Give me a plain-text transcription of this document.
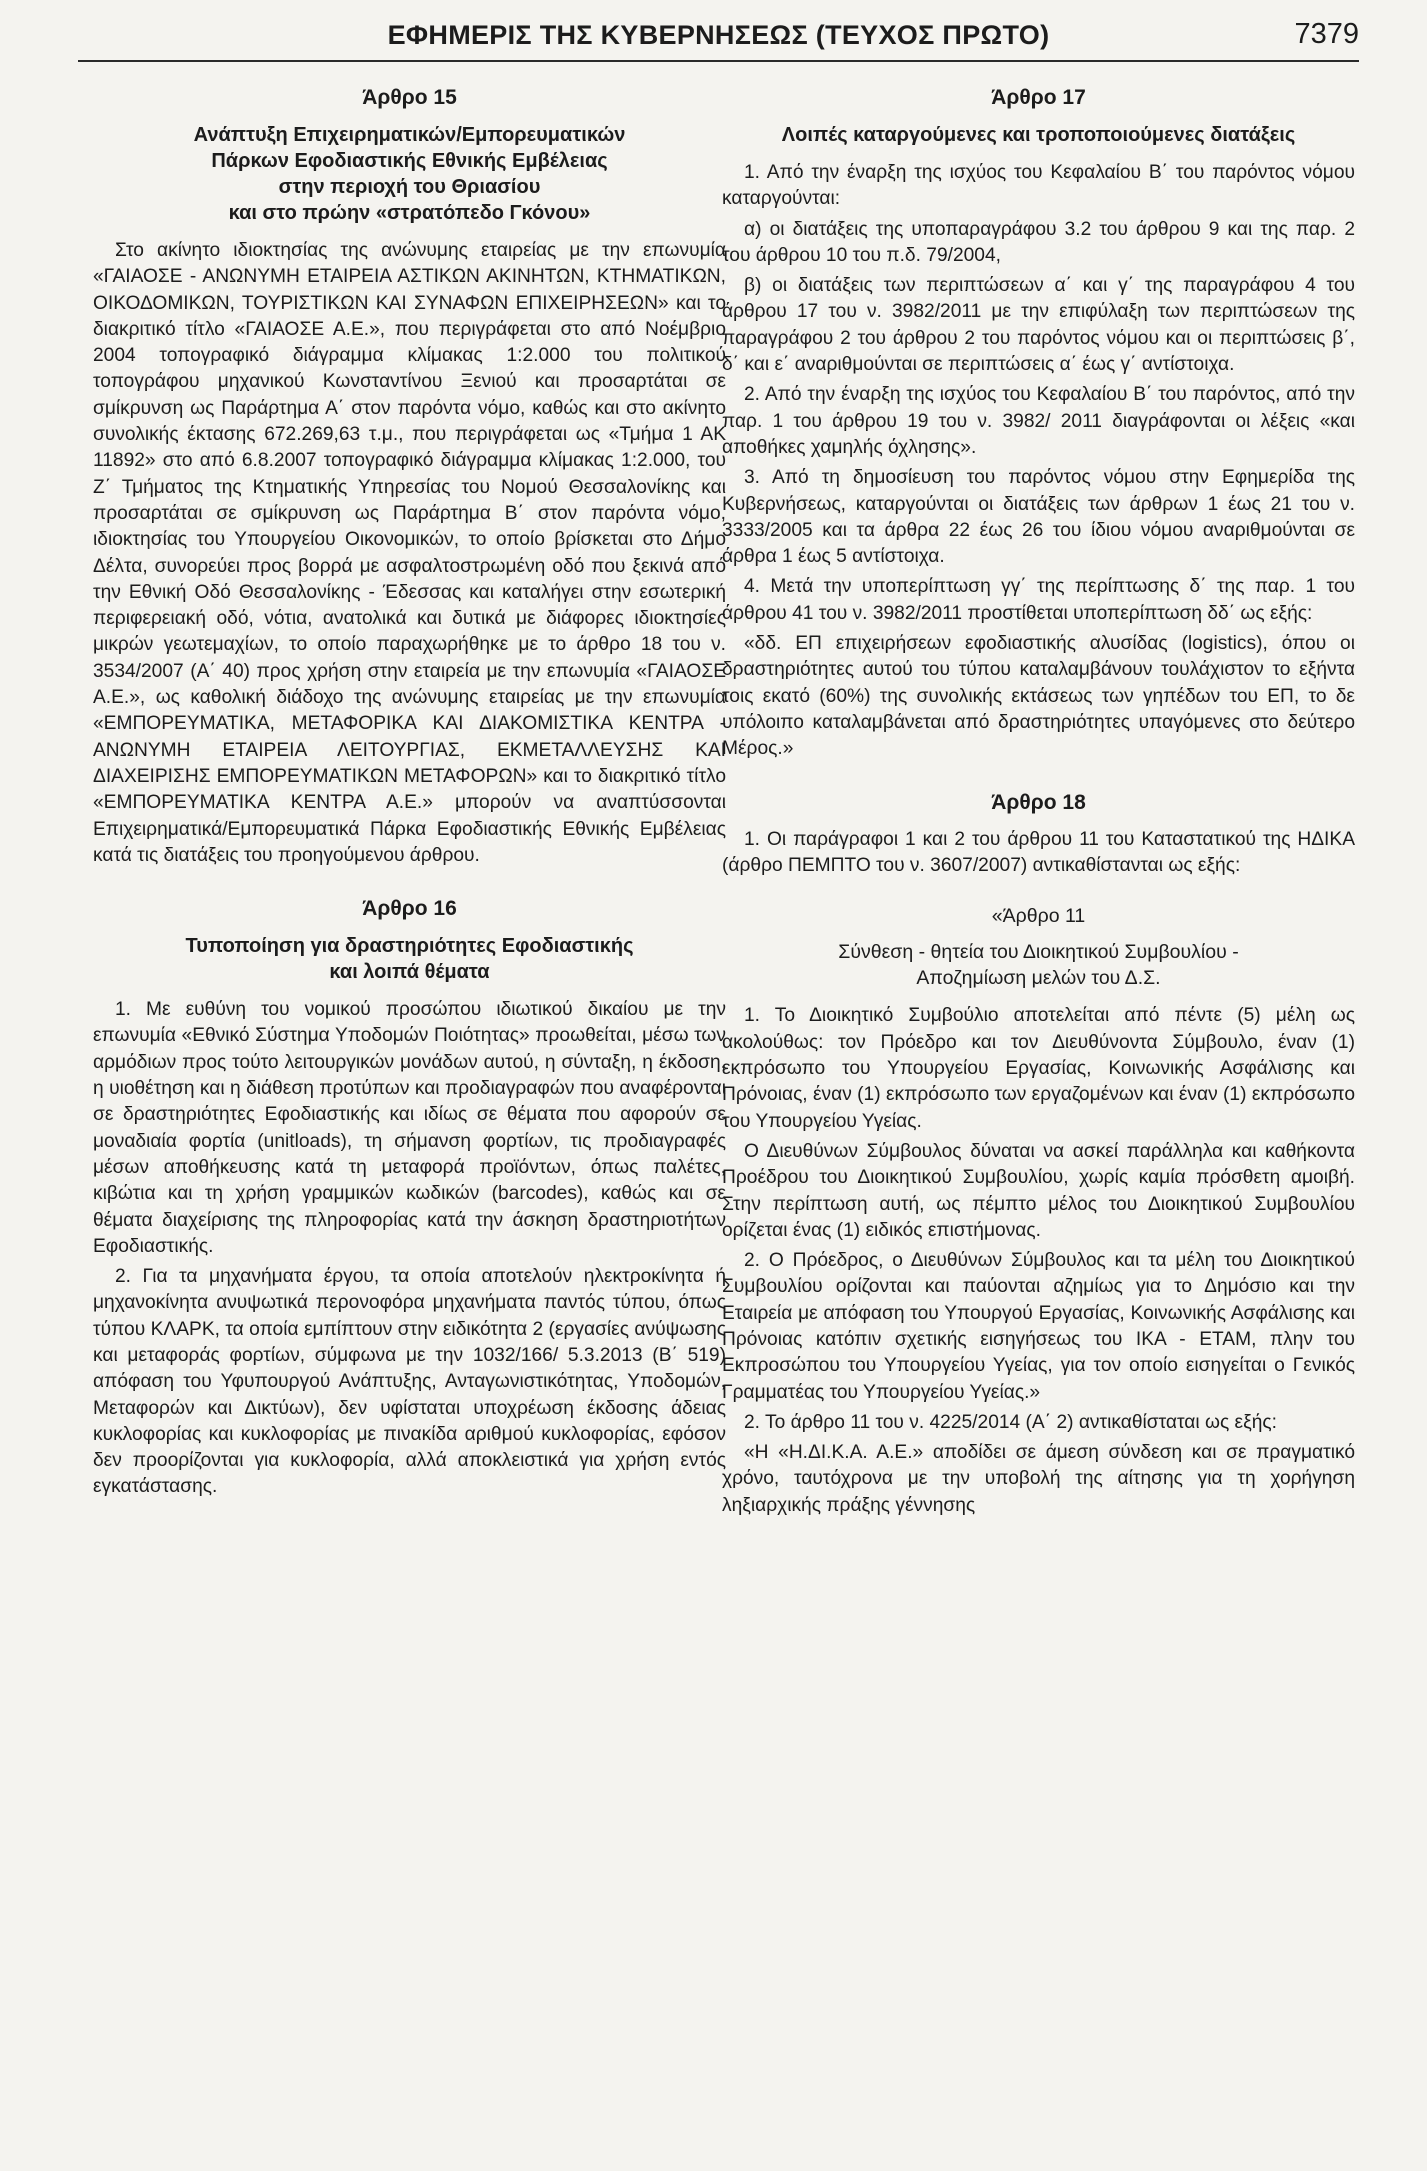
ΕΦΗΜΕΡΙΣ ΤΗΣ ΚΥΒΕΡΝΗΣΕΩΣ (ΤΕΥΧΟΣ ΠΡΩΤΟ)	7379
Άρθρο 15
Ανάπτυξη Επιχειρηματικών/Εμπορευματικών
Πάρκων Εφοδιαστικής Εθνικής Εμβέλειας
στην περιοχή του Θριασίου
και στο πρώην «στρατόπεδο Γκόνου»

Στο ακίνητο ιδιοκτησίας της ανώνυμης εταιρείας με την επωνυμία «ΓΑΙΑΟΣΕ - ΑΝΩΝΥΜΗ ΕΤΑΙΡΕΙΑ ΑΣΤΙΚΩΝ ΑΚΙΝΗΤΩΝ, ΚΤΗΜΑΤΙΚΩΝ, ΟΙΚΟΔΟΜΙΚΩΝ, ΤΟΥΡΙΣΤΙΚΩΝ ΚΑΙ ΣΥΝΑΦΩΝ ΕΠΙΧΕΙΡΗΣΕΩΝ» και το διακριτικό τίτλο «ΓΑΙΑΟΣΕ Α.Ε.», που περιγράφεται στο από Νοέμβριο 2004 τοπογραφικό διάγραμμα κλίμακας 1:2.000 του πολιτικού τοπογράφου μηχανικού Κωνσταντίνου Ξενιού και προσαρτάται σε σμίκρυνση ως Παράρτημα Α΄ στον παρόντα νόμο, καθώς και στο ακίνητο συνολικής έκτασης 672.269,63 τ.μ., που περιγράφεται ως «Τμήμα 1 ΑΚ 11892» στο από 6.8.2007 τοπογραφικό διάγραμμα κλίμακας 1:2.000, του Ζ΄ Τμήματος της Κτηματικής Υπηρεσίας του Νομού Θεσσαλονίκης και προσαρτάται σε σμίκρυνση ως Παράρτημα Β΄ στον παρόντα νόμο, ιδιοκτησίας του Υπουργείου Οικονομικών, το οποίο βρίσκεται στο Δήμο Δέλτα, συνορεύει προς βορρά με ασφαλτοστρωμένη οδό που ξεκινά από την Εθνική Οδό Θεσσαλονίκης - Έδεσσας και καταλήγει στην εσωτερική περιφερειακή οδό, νότια, ανατολικά και δυτικά με διάφορες ιδιοκτησίες μικρών γεωτεμαχίων, το οποίο παραχωρήθηκε με το άρθρο 18 του ν. 3534/2007 (Α΄ 40) προς χρήση στην εταιρεία με την επωνυμία «ΓΑΙΑΟΣΕ Α.Ε.», ως καθολική διάδοχο της ανώνυμης εταιρείας με την επωνυμία «ΕΜΠΟΡΕΥΜΑΤΙΚΑ, ΜΕΤΑΦΟΡΙΚΑ ΚΑΙ ΔΙΑΚΟΜΙΣΤΙΚΑ ΚΕΝΤΡΑ - ΑΝΩΝΥΜΗ ΕΤΑΙΡΕΙΑ ΛΕΙΤΟΥΡΓΙΑΣ, ΕΚΜΕΤΑΛΛΕΥΣΗΣ ΚΑΙ ΔΙΑΧΕΙΡΙΣΗΣ ΕΜΠΟΡΕΥΜΑΤΙΚΩΝ ΜΕΤΑΦΟΡΩΝ» και το διακριτικό τίτλο «ΕΜΠΟΡΕΥΜΑΤΙΚΑ ΚΕΝΤΡΑ Α.Ε.» μπορούν να αναπτύσσονται Επιχειρηματικά/Εμπορευματικά Πάρκα Εφοδιαστικής Εθνικής Εμβέλειας κατά τις διατάξεις του προηγούμενου άρθρου.

Άρθρο 16
Τυποποίηση για δραστηριότητες Εφοδιαστικής
και λοιπά θέματα

1. Με ευθύνη του νομικού προσώπου ιδιωτικού δικαίου με την επωνυμία «Εθνικό Σύστημα Υποδομών Ποιότητας» προωθείται, μέσω των αρμόδιων προς τούτο λειτουργικών μονάδων αυτού, η σύνταξη, η έκδοση, η υιοθέτηση και η διάθεση προτύπων και προδιαγραφών που αναφέρονται σε δραστηριότητες Εφοδιαστικής και ιδίως σε θέματα που αφορούν σε μοναδιαία φορτία (unitloads), τη σήμανση φορτίων, τις προδιαγραφές μέσων αποθήκευσης κατά τη μεταφορά προϊόντων, όπως παλέτες, κιβώτια και τη χρήση γραμμικών κωδικών (barcodes), καθώς και σε θέματα διαχείρισης της πληροφορίας κατά την άσκηση δραστηριοτήτων Εφοδιαστικής.

2. Για τα μηχανήματα έργου, τα οποία αποτελούν ηλεκτροκίνητα ή μηχανοκίνητα ανυψωτικά περονοφόρα μηχανήματα παντός τύπου, όπως τύπου ΚΛΑΡΚ, τα οποία εμπίπτουν στην ειδικότητα 2 (εργασίες ανύψωσης και μεταφοράς φορτίων, σύμφωνα με την 1032/166/ 5.3.2013 (Β΄ 519) απόφαση του Υφυπουργού Ανάπτυξης, Ανταγωνιστικότητας, Υποδομών, Μεταφορών και Δικτύων), δεν υφίσταται υποχρέωση έκδοσης άδειας κυκλοφορίας και κυκλοφορίας με πινακίδα αριθμού κυκλοφορίας, εφόσον δεν προορίζονται για κυκλοφορία, αλλά αποκλειστικά για χρήση εντός εγκατάστασης.

Άρθρο 17
Λοιπές καταργούμενες και τροποποιούμενες διατάξεις

1. Από την έναρξη της ισχύος του Κεφαλαίου Β΄ του παρόντος νόμου καταργούνται:

α) οι διατάξεις της υποπαραγράφου 3.2 του άρθρου 9 και της παρ. 2 του άρθρου 10 του π.δ. 79/2004,

β) οι διατάξεις των περιπτώσεων α΄ και γ΄ της παραγράφου 4 του άρθρου 17 του ν. 3982/2011 με την επιφύλαξη των περιπτώσεων της παραγράφου 2 του άρθρου 2 του παρόντος νόμου και οι περιπτώσεις β΄, δ΄ και ε΄ αναριθμούνται σε περιπτώσεις α΄ έως γ΄ αντίστοιχα.

2. Από την έναρξη της ισχύος του Κεφαλαίου Β΄ του παρόντος, από την παρ. 1 του άρθρου 19 του ν. 3982/ 2011 διαγράφονται οι λέξεις «και αποθήκες χαμηλής όχλησης».

3. Από τη δημοσίευση του παρόντος νόμου στην Εφημερίδα της Κυβερνήσεως, καταργούνται οι διατάξεις των άρθρων 1 έως 21 του ν. 3333/2005 και τα άρθρα 22 έως 26 του ίδιου νόμου αναριθμούνται σε άρθρα 1 έως 5 αντίστοιχα.

4. Μετά την υποπερίπτωση γγ΄ της περίπτωσης δ΄ της παρ. 1 του άρθρου 41 του ν. 3982/2011 προστίθεται υποπερίπτωση δδ΄ ως εξής:

«δδ. ΕΠ επιχειρήσεων εφοδιαστικής αλυσίδας (logistics), όπου οι δραστηριότητες αυτού του τύπου καταλαμβάνουν τουλάχιστον το εξήντα τοις εκατό (60%) της συνολικής εκτάσεως των γηπέδων του ΕΠ, το δε υπόλοιπο καταλαμβάνεται από δραστηριότητες υπαγόμενες στο δεύτερο Μέρος.»

Άρθρο 18

1. Οι παράγραφοι 1 και 2 του άρθρου 11 του Καταστατικού της ΗΔΙΚΑ (άρθρο ΠΕΜΠΤΟ του ν. 3607/2007) αντικαθίστανται ως εξής:

«Άρθρο 11
Σύνθεση - θητεία του Διοικητικού Συμβουλίου -
Αποζημίωση μελών του Δ.Σ.

1. Το Διοικητικό Συμβούλιο αποτελείται από πέντε (5) μέλη ως ακολούθως: τον Πρόεδρο και τον Διευθύνοντα Σύμβουλο, έναν (1) εκπρόσωπο του Υπουργείου Εργασίας, Κοινωνικής Ασφάλισης και Πρόνοιας, έναν (1) εκπρόσωπο των εργαζομένων και έναν (1) εκπρόσωπο του Υπουργείου Υγείας.

Ο Διευθύνων Σύμβουλος δύναται να ασκεί παράλληλα και καθήκοντα Προέδρου του Διοικητικού Συμβουλίου, χωρίς καμία πρόσθετη αμοιβή. Στην περίπτωση αυτή, ως πέμπτο μέλος του Διοικητικού Συμβουλίου ορίζεται ένας (1) ειδικός επιστήμονας.

2. Ο Πρόεδρος, ο Διευθύνων Σύμβουλος και τα μέλη του Διοικητικού Συμβουλίου ορίζονται και παύονται αζημίως για το Δημόσιο και την Εταιρεία με απόφαση του Υπουργού Εργασίας, Κοινωνικής Ασφάλισης και Πρόνοιας κατόπιν σχετικής εισηγήσεως του ΙΚΑ - ΕΤΑΜ, πλην του Εκπροσώπου του Υπουργείου Υγείας, για τον οποίο εισηγείται ο Γενικός Γραμματέας του Υπουργείου Υγείας.»

2. Το άρθρο 11 του ν. 4225/2014 (Α΄ 2) αντικαθίσταται ως εξής:

«Η «Η.ΔΙ.Κ.Α. Α.Ε.» αποδίδει σε άμεση σύνδεση και σε πραγματικό χρόνο, ταυτόχρονα με την υποβολή της αίτησης για τη χορήγηση ληξιαρχικής πράξης γέννησης
